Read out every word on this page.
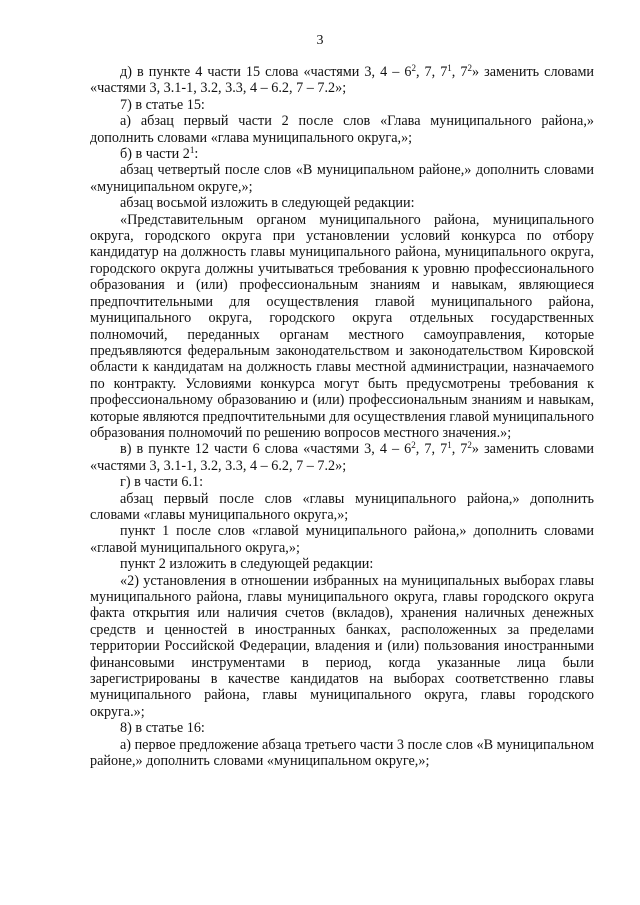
3

д) в пункте 4 части 15 слова «частями 3, $4 - 6^2$, 7, $7^1$, $7^2$» заменить словами «частями 3, 3.1-1, 3.2, 3.3, 4 – 6.2, 7 – 7.2»;

7) в статье 15:

а) абзац первый части 2 после слов «Глава муниципального района,» дополнить словами «глава муниципального округа,»;

б) в части $2^1$:

абзац четвертый после слов «В муниципальном районе,» дополнить словами «муниципальном округе,»;

абзац восьмой изложить в следующей редакции:

«Представительным органом муниципального района, муниципального округа, городского округа при установлении условий конкурса по отбору кандидатур на должность главы муниципального района, муниципального округа, городского округа должны учитываться требования к уровню профессионального образования и (или) профессиональным знаниям и навыкам, являющиеся предпочтительными для осуществления главой муниципального района, муниципального округа, городского округа отдельных государственных полномочий, переданных органам местного самоуправления, которые предъявляются федеральным законодательством и законодательством Кировской области к кандидатам на должность главы местной администрации, назначаемого по контракту. Условиями конкурса могут быть предусмотрены требования к профессиональному образованию и (или) профессиональным знаниям и навыкам, которые являются предпочтительными для осуществления главой муниципального образования полномочий по решению вопросов местного значения.»;

в) в пункте 12 части 6 слова «частями 3, $4 - 6^2$, 7, $7^1$, $7^2$» заменить словами «частями 3, 3.1-1, 3.2, 3.3, 4 – 6.2, 7 – 7.2»;

г) в части 6.1:

абзац первый после слов «главы муниципального района,» дополнить словами «главы муниципального округа,»;

пункт 1 после слов «главой муниципального района,» дополнить словами «главой муниципального округа,»;

пункт 2 изложить в следующей редакции:

«2) установления в отношении избранных на муниципальных выборах главы муниципального района, главы муниципального округа, главы городского округа факта открытия или наличия счетов (вкладов), хранения наличных денежных средств и ценностей в иностранных банках, расположенных за пределами территории Российской Федерации, владения и (или) пользования иностранными финансовыми инструментами в период, когда указанные лица были зарегистрированы в качестве кандидатов на выборах соответственно главы муниципального района, главы муниципального округа, главы городского округа.»;

8) в статье 16:

а) первое предложение абзаца третьего части 3 после слов «В муниципальном районе,» дополнить словами «муниципальном округе,»;
